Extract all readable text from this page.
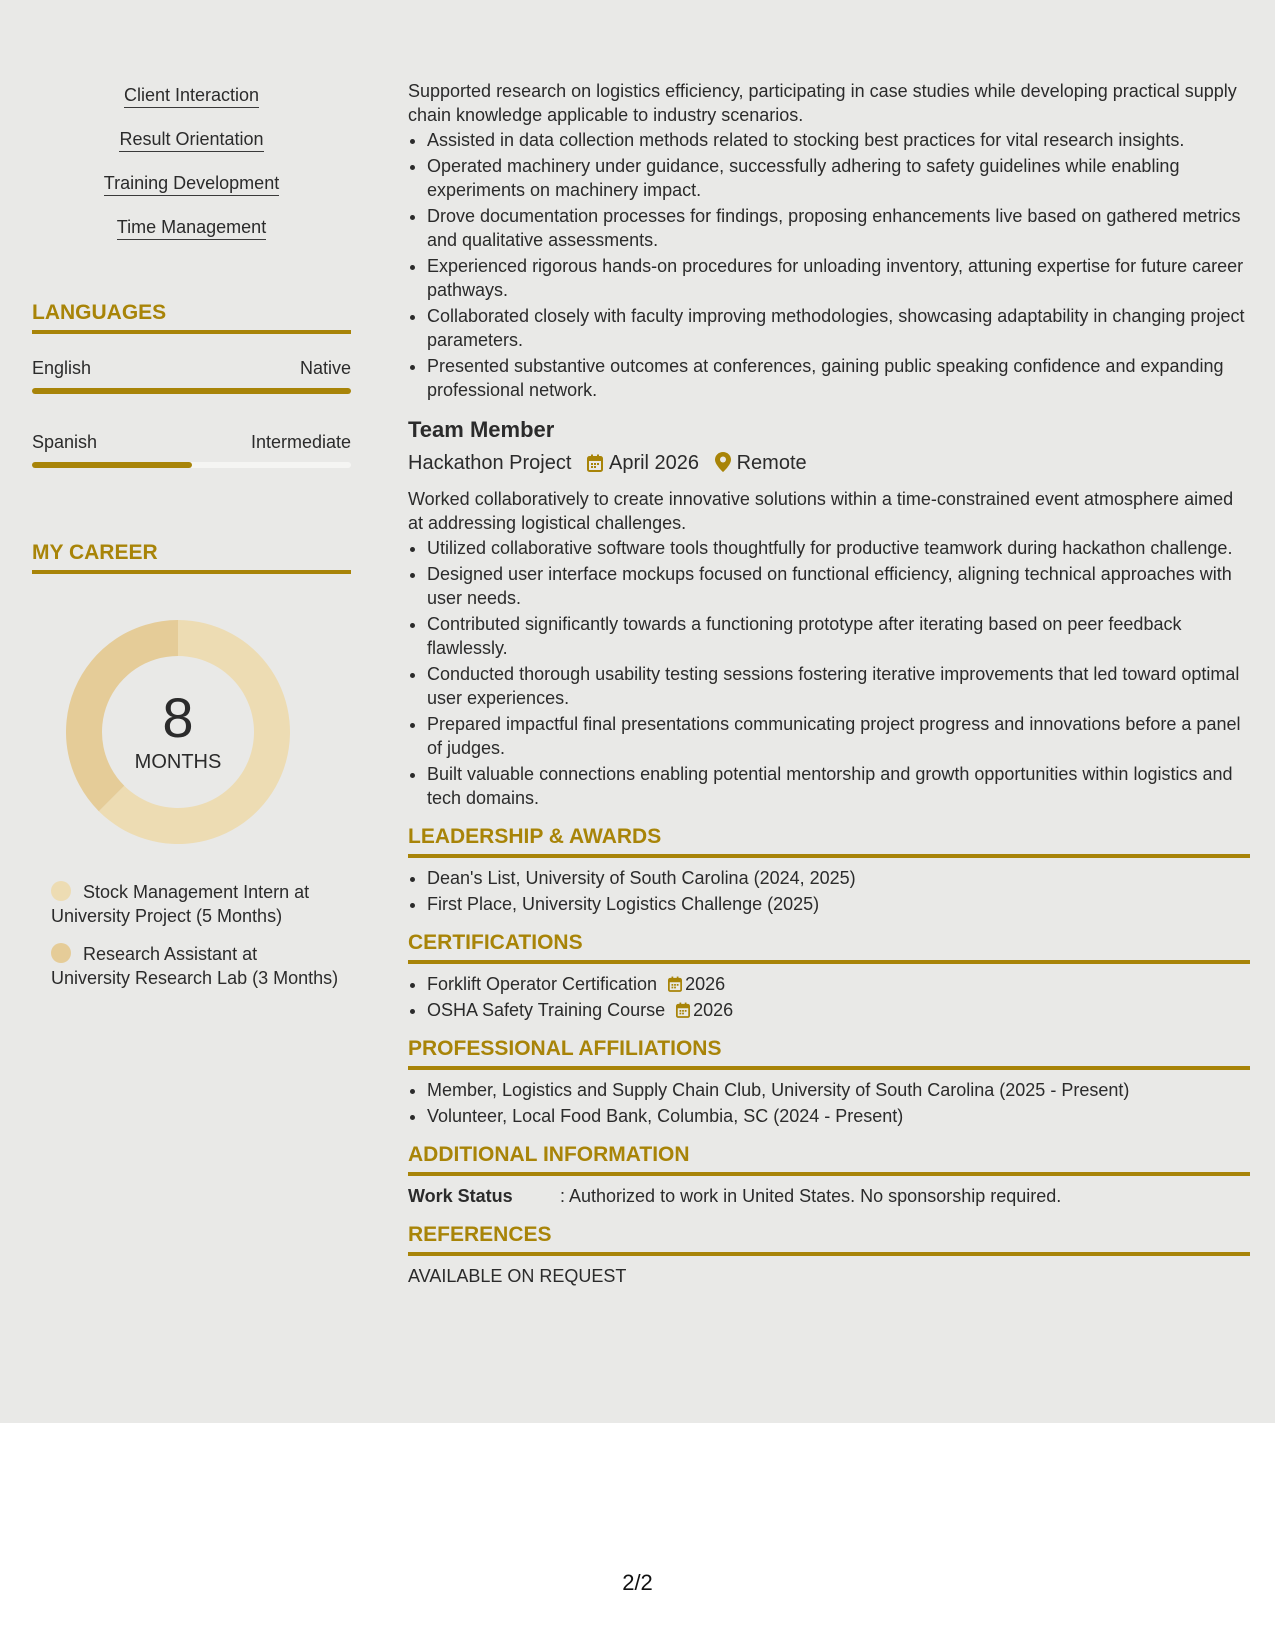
Client Interaction
Result Orientation
Training Development
Time Management
LANGUAGES
English	Native
Spanish	Intermediate
MY CAREER
8
MONTHS
Stock Management Intern at University Project (5 Months)
Research Assistant at University Research Lab (3 Months)

Supported research on logistics efficiency, participating in case studies while developing practical supply chain knowledge applicable to industry scenarios.

• Assisted in data collection methods related to stocking best practices for vital research insights.
• Operated machinery under guidance, successfully adhering to safety guidelines while enabling experiments on machinery impact.
• Drove documentation processes for findings, proposing enhancements live based on gathered metrics and qualitative assessments.
• Experienced rigorous hands-on procedures for unloading inventory, attuning expertise for future career pathways.
• Collaborated closely with faculty improving methodologies, showcasing adaptability in changing project parameters.
• Presented substantive outcomes at conferences, gaining public speaking confidence and expanding professional network.
Team Member
Hackathon Project April 2026 Remote

Worked collaboratively to create innovative solutions within a time-constrained event atmosphere aimed at addressing logistical challenges.

• Utilized collaborative software tools thoughtfully for productive teamwork during hackathon challenge.
• Designed user interface mockups focused on functional efficiency, aligning technical approaches with user needs.
• Contributed significantly towards a functioning prototype after iterating based on peer feedback flawlessly.
• Conducted thorough usability testing sessions fostering iterative improvements that led toward optimal user experiences.
• Prepared impactful final presentations communicating project progress and innovations before a panel of judges.
• Built valuable connections enabling potential mentorship and growth opportunities within logistics and tech domains.
LEADERSHIP & AWARDS
• Dean's List, University of South Carolina (2024, 2025)
• First Place, University Logistics Challenge (2025)
CERTIFICATIONS
• Forklift Operator Certification 2026
• OSHA Safety Training Course 2026
PROFESSIONAL AFFILIATIONS
• Member, Logistics and Supply Chain Club, University of South Carolina (2025 - Present)
• Volunteer, Local Food Bank, Columbia, SC (2024 - Present)
ADDITIONAL INFORMATION
Work Status	: Authorized to work in United States. No sponsorship required.
REFERENCES

AVAILABLE ON REQUEST

2/2
